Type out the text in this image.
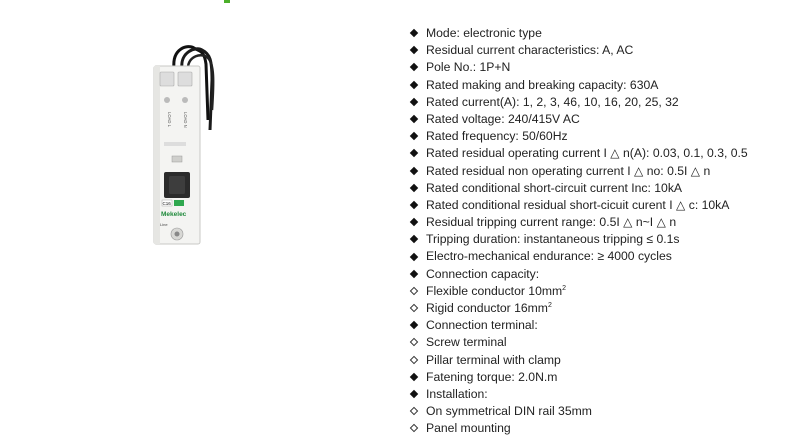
LOAD L	LOAD N
C16
Mekelec
Line
Mode: electronic type
Residual current characteristics: A, AC
Pole No.: 1P+N
Rated making and breaking capacity: 630A
Rated current(A): 1, 2, 3, 46, 10, 16, 20, 25, 32
Rated voltage: 240/415V AC
Rated frequency: 50/60Hz
Rated residual operating current I △ n(A): 0.03, 0.1, 0.3, 0.5
Rated residual non operating current I △ no: 0.5I △ n
Rated conditional short-circuit current Inc: 10kA
Rated conditional residual short-cicuit curent I △ c: 10kA
Residual tripping current range: 0.5I △ n~I △ n
Tripping duration: instantaneous tripping ≤ 0.1s
Electro-mechanical endurance: ≥ 4000 cycles
Connection capacity:
Flexible conductor $10mm^2$
Rigid conductor $16mm^2$
Connection terminal:
Screw terminal
Pillar terminal with clamp
Fatening torque: 2.0N.m
Installation:
On symmetrical DIN rail 35mm
Panel mounting
